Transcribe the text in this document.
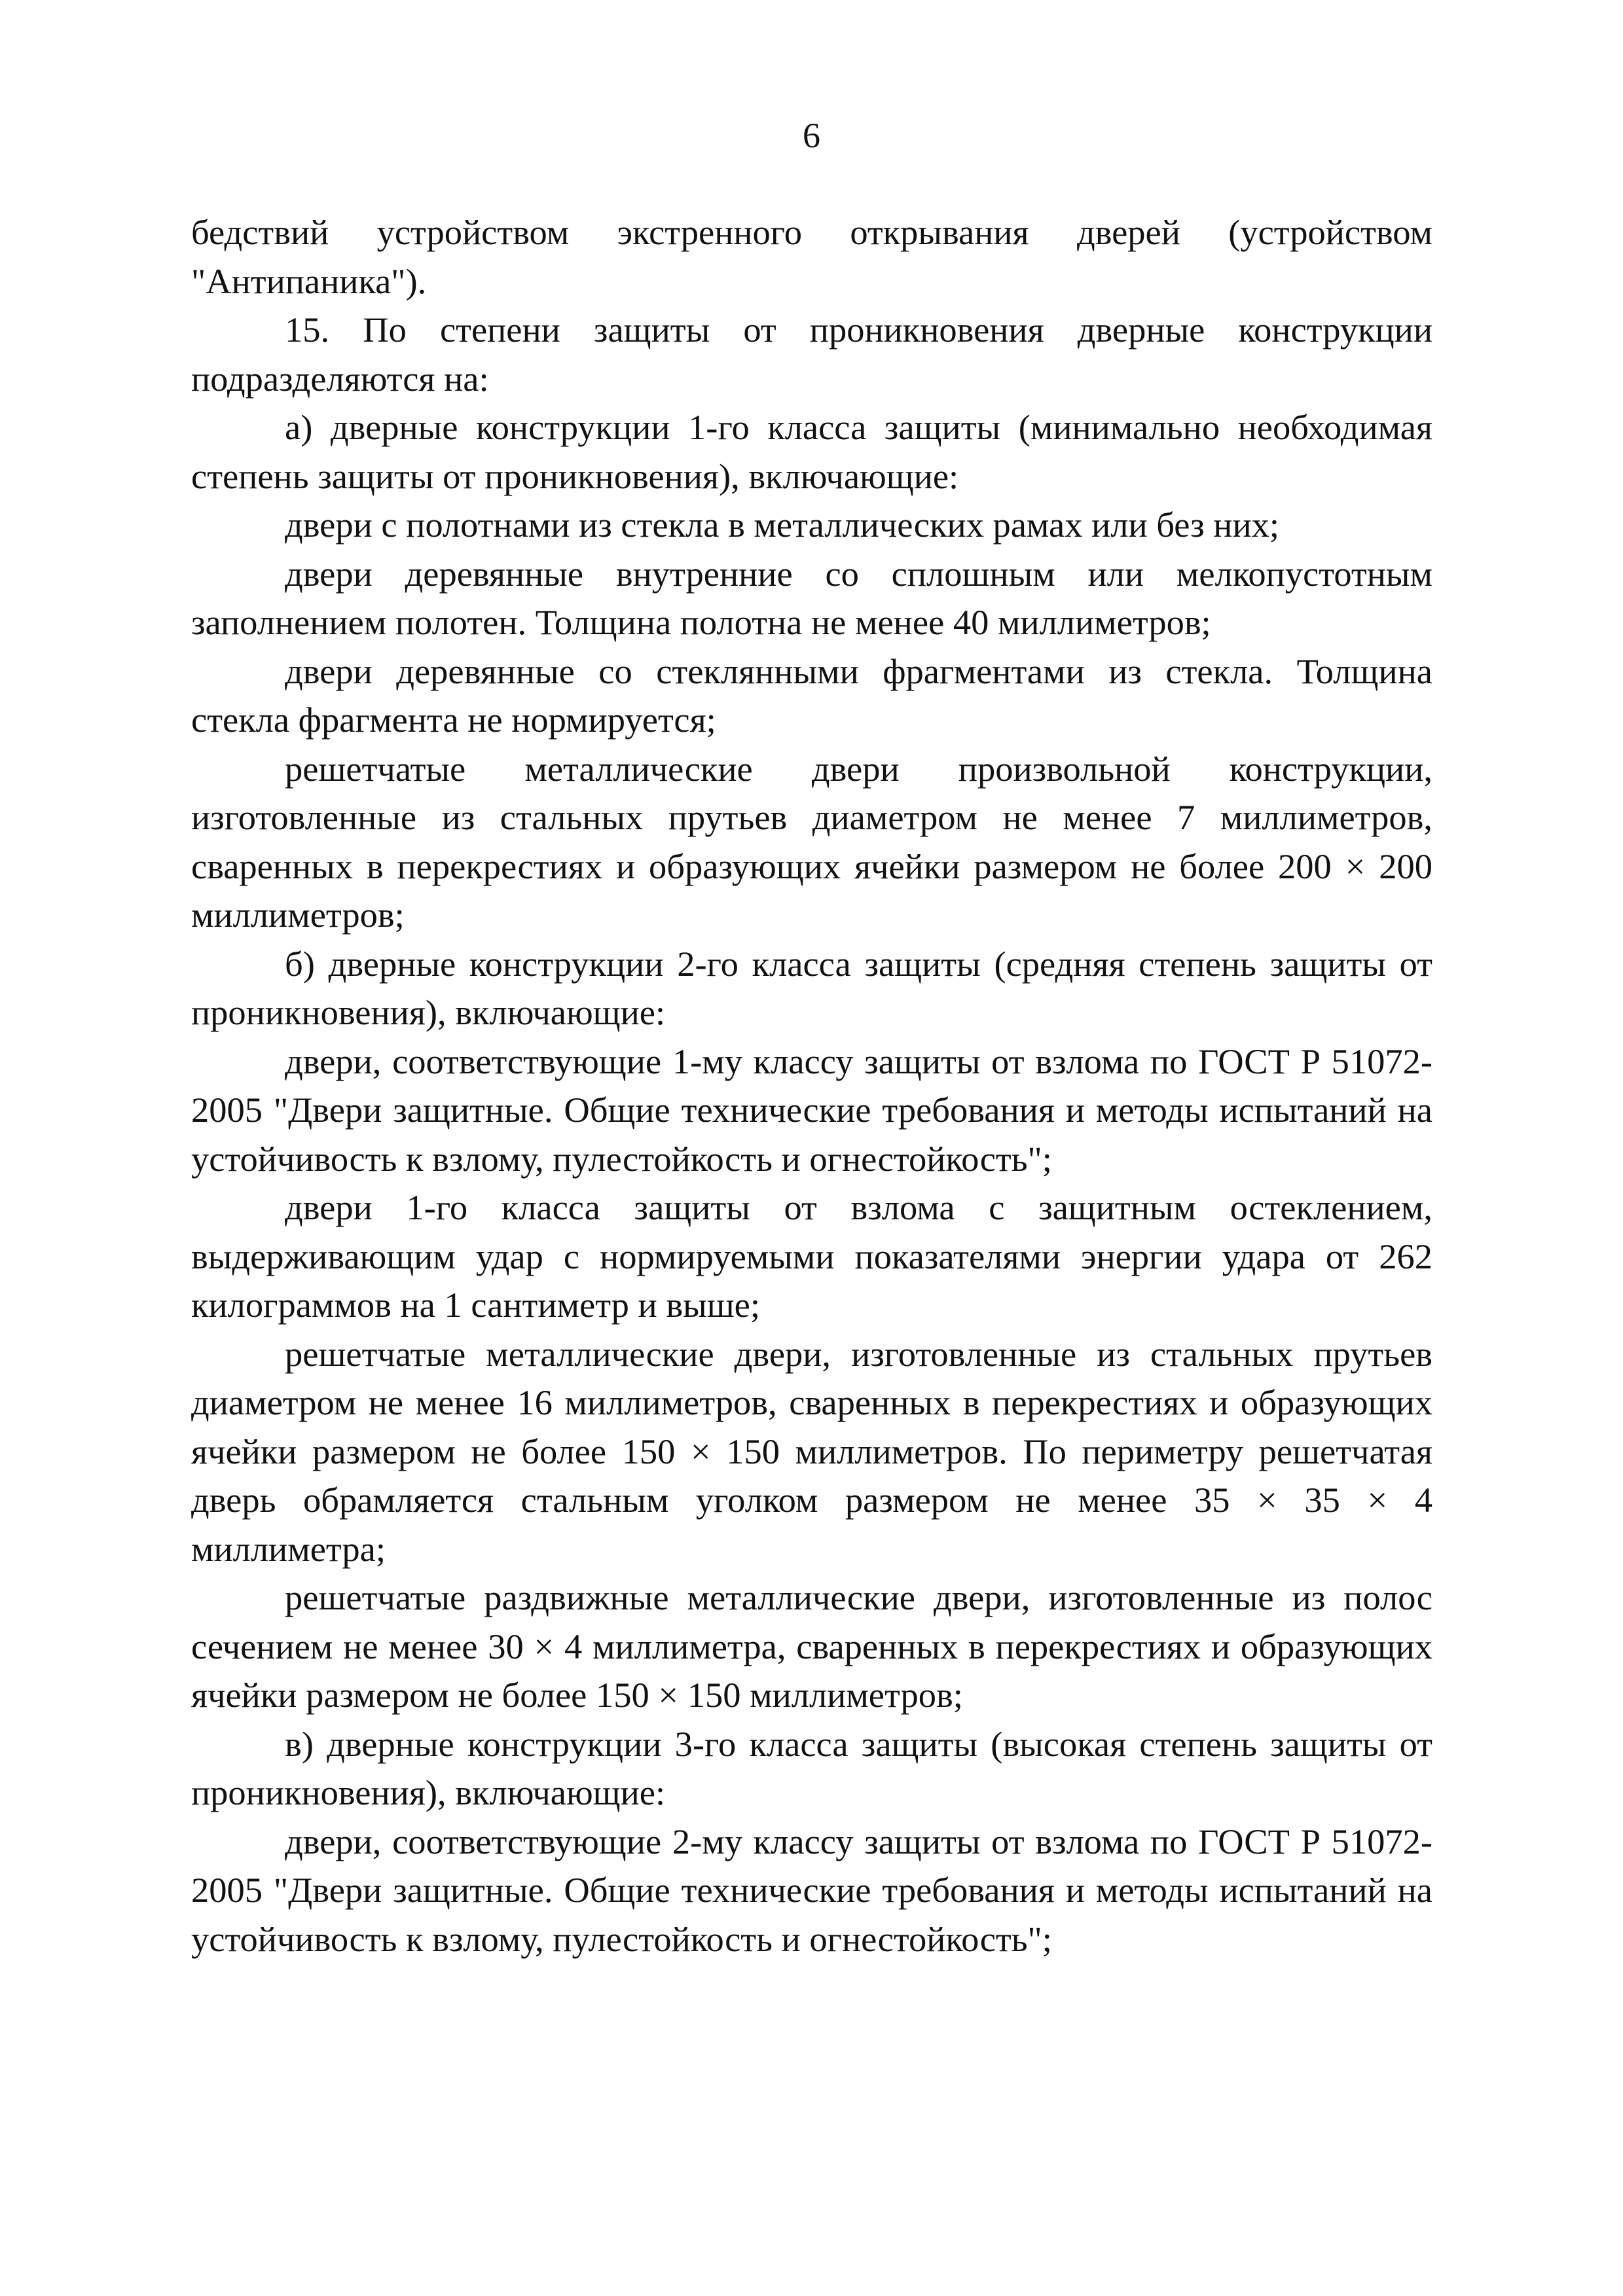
6

бедствий устройством экстренного открывания дверей (устройством "Антипаника").

15. По степени защиты от проникновения дверные конструкции подразделяются на:

а) дверные конструкции 1-го класса защиты (минимально необходимая степень защиты от проникновения), включающие:

двери с полотнами из стекла в металлических рамах или без них;

двери деревянные внутренние со сплошным или мелкопустотным заполнением полотен. Толщина полотна не менее 40 миллиметров;

двери деревянные со стеклянными фрагментами из стекла. Толщина стекла фрагмента не нормируется;

решетчатые металлические двери произвольной конструкции, изготовленные из стальных прутьев диаметром не менее 7 миллиметров, сваренных в перекрестиях и образующих ячейки размером не более 200 × 200 миллиметров;

б) дверные конструкции 2-го класса защиты (средняя степень защиты от проникновения), включающие:

двери, соответствующие 1-му классу защиты от взлома по ГОСТ Р 51072-2005 "Двери защитные. Общие технические требования и методы испытаний на устойчивость к взлому, пулестойкость и огнестойкость";

двери 1-го класса защиты от взлома с защитным остеклением, выдерживающим удар с нормируемыми показателями энергии удара от 262 килограммов на 1 сантиметр и выше;

решетчатые металлические двери, изготовленные из стальных прутьев диаметром не менее 16 миллиметров, сваренных в перекрестиях и образующих ячейки размером не более 150 × 150 миллиметров. По периметру решетчатая дверь обрамляется стальным уголком размером не менее 35 × 35 × 4 миллиметра;

решетчатые раздвижные металлические двери, изготовленные из полос сечением не менее 30 × 4 миллиметра, сваренных в перекрестиях и образующих ячейки размером не более 150 × 150 миллиметров;

в) дверные конструкции 3-го класса защиты (высокая степень защиты от проникновения), включающие:

двери, соответствующие 2-му классу защиты от взлома по ГОСТ Р 51072-2005 "Двери защитные. Общие технические требования и методы испытаний на устойчивость к взлому, пулестойкость и огнестойкость";
